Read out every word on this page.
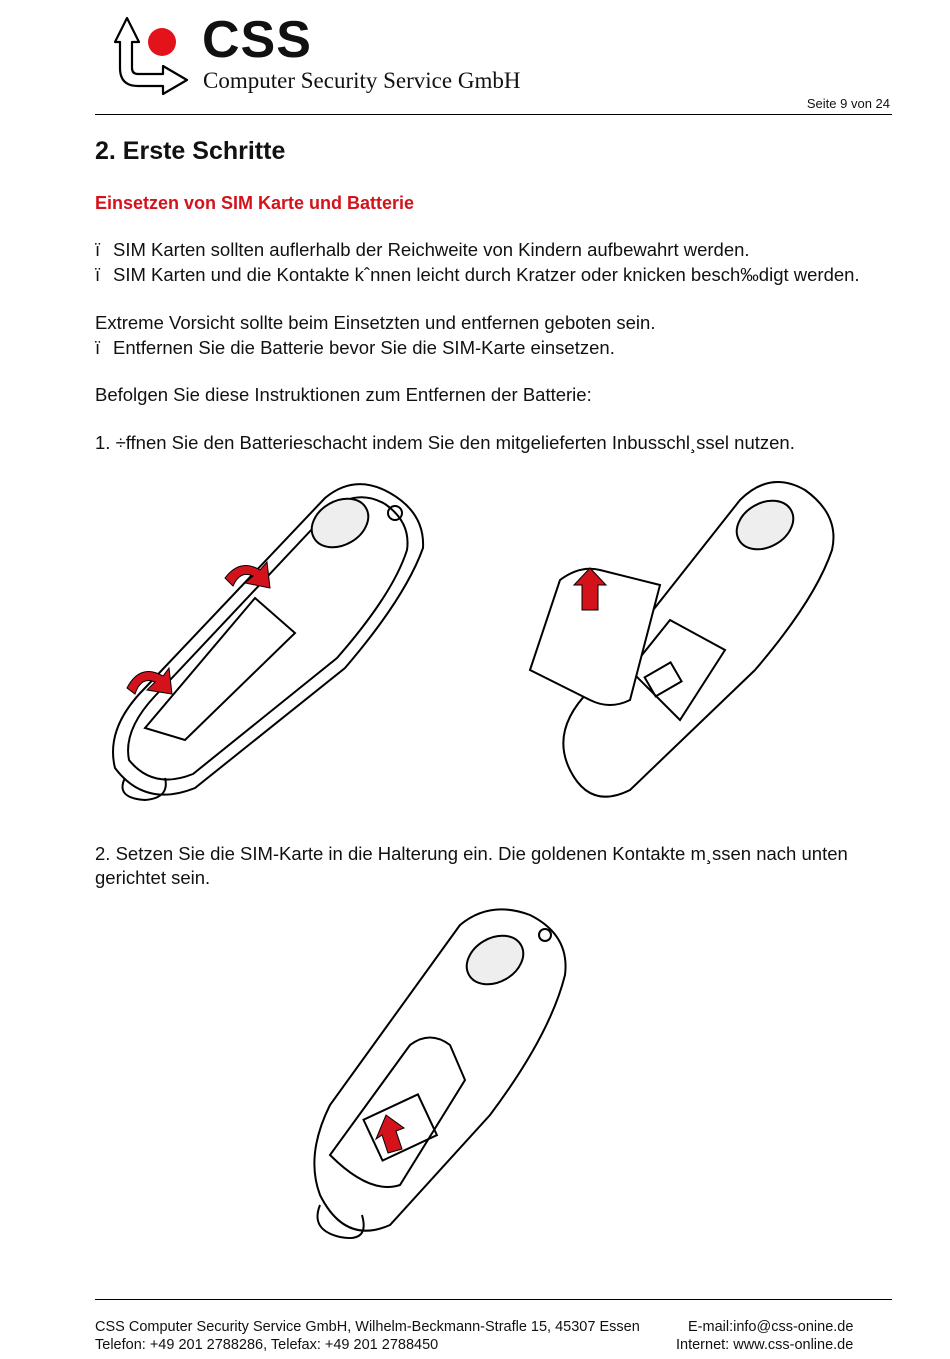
CSS
Computer Security Service GmbH
Seite 9 von 24
2. Erste Schritte
Einsetzen von SIM Karte und Batterie
ï SIM Karten sollten auflerhalb der Reichweite von Kindern aufbewahrt werden.
ï SIM Karten und die Kontakte kˆnnen leicht durch Kratzer oder knicken besch‰digt werden.
Extreme Vorsicht sollte beim Einsetzten und entfernen geboten sein.
ï Entfernen Sie die Batterie bevor Sie die SIM-Karte einsetzen.
Befolgen Sie diese Instruktionen zum Entfernen der Batterie:
1. ÷ffnen Sie den Batterieschacht indem Sie den mitgelieferten Inbusschl¸ssel nutzen.
2. Setzen Sie die SIM-Karte in die Halterung ein. Die goldenen Kontakte m¸ssen nach unten
gerichtet sein.
CSS Computer Security Service GmbH, Wilhelm-Beckmann-Strafle 15, 45307 Essen	E-mail:info@css-onine.de
Telefon: +49 201 2788286, Telefax: +49 201 2788450	Internet: www.css-online.de
